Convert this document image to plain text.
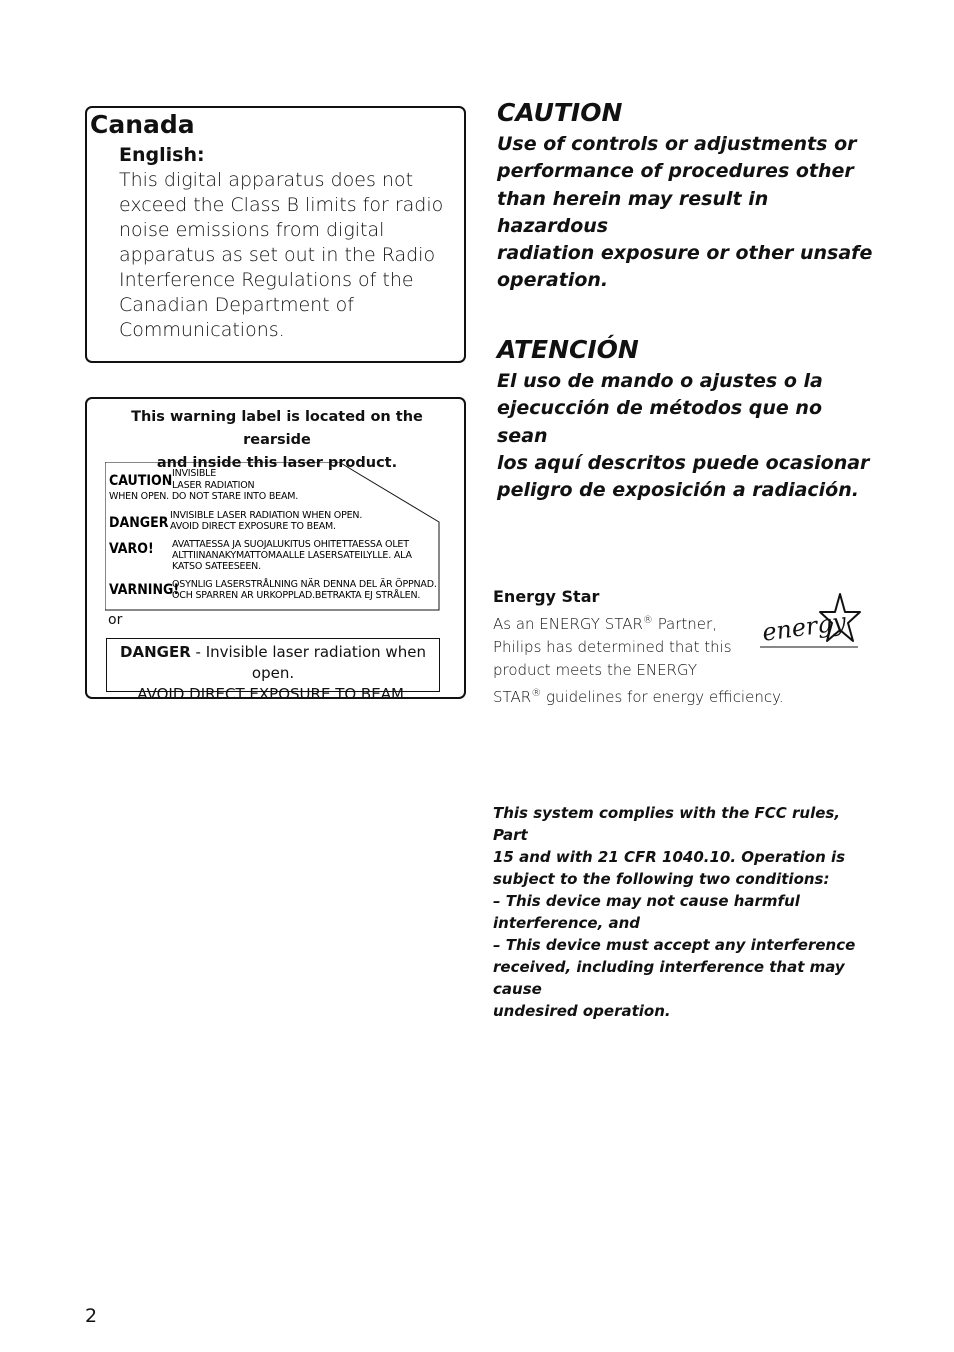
Canada
English:
This digital apparatus does not exceed the Class B limits for radio noise emissions from digital apparatus as set out in the Radio Interference Regulations of the Canadian Department of Communications.
This warning label is located on the rearside
and inside this laser product.
CAUTION INVISIBLE
LASER RADIATION
WHEN OPEN. DO NOT STARE INTO BEAM.
DANGER INVISIBLE LASER RADIATION WHEN OPEN.
AVOID DIRECT EXPOSURE TO BEAM.
VARO! AVATTAESSA JA SUOJALUKITUS OHITETTAESSA OLET
ALTTIINANAKYMATTOMAALLE LASERSATEILYLLE. ALA
KATSO SATEESEEN.
VARNING!
OSYNLIG LASERSTRÅLNING NÄR DENNA DEL ÄR ÖPPNAD.
OCH SPARREN AR URKOPPLAD.BETRAKTA EJ STRÅLEN.
or
DANGER - Invisible laser radiation when open.
AVOID DIRECT EXPOSURE TO BEAM.
CAUTION
Use of controls or adjustments or
performance of procedures other
than herein may result in hazardous
radiation exposure or other unsafe
operation.
ATENCIÓN
El uso de mando o ajustes o la
ejecucción de métodos que no sean
los aquí descritos puede ocasionar
peligro de exposición a radiación.
Energy Star
As an ENERGY STAR® Partner,
Philips has determined that this
product meets the ENERGY
STAR® guidelines for energy efficiency.
energy

This system complies with the FCC rules, Part

15 and with 21 CFR 1040.10. Operation is

subject to the following two conditions:

– This device may not cause harmful

interference, and

– This device must accept any interference

received, including interference that may cause

undesired operation.

2
